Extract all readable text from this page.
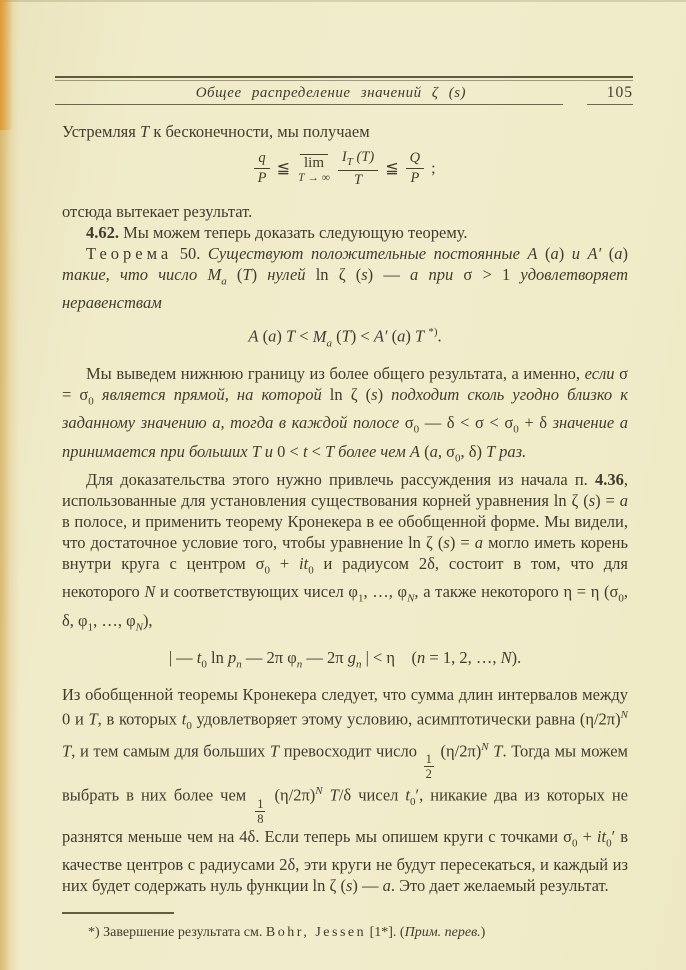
Общее распределение значений ζ (s)	105

Устремляя T к бесконечности, мы получаем

$\frac{q}{P}$ ≦ lim
T → ∞ $\frac{I_T (T)}{T}$ ≦ $\frac{Q}{P}$ ;

отсюда вытекает результат.

4.62. Мы можем теперь доказать следующую теорему.

Теорема 50. Существуют положительные постоянные A (a) и A′ (a) такие, что число $M_a$ (T) нулей ln ζ (s) — a при σ > 1 удовлетворяет неравенствам

A (a) $T < M_a$ (T) < A′ (a) T *).

Мы выведем нижнюю границу из более общего результата, а именно, если $\sigma = \sigma_0$ является прямой, на которой ln ζ (s) подходит сколь угодно близко к заданному значению a, тогда в каждой полосе $\sigma_0$ — $\delta < \sigma < \sigma_0 + \delta$ значение a принимается при больших T и 0 < t < T более чем A (a, $\sigma_0$, δ) T раз.

Для доказательства этого нужно привлечь рассуждения из начала п. 4.36, использованные для установления существования корней уравнения ln ζ (s) = a в полосе, и применить теорему Кронекера в ее обобщенной форме. Мы видели, что достаточное условие того, чтобы уравнение ln ζ (s) = a могло иметь корень внутри круга с центром $\sigma_0 + it_0$ и радиусом 2δ, состоит в том, что для некоторого N и соответствующих чисел $\varphi_1$, …, $\varphi_N$, а также некоторого η = η ($\sigma_0$, δ, $\varphi_1$, …, $\varphi_N$),

| — $t_0$ $\ln p_n$ — 2π $\varphi_n$ — 2π $g_n$ | < η    (n = 1, 2, …, N).

Из обобщенной теоремы Кронекера следует, что сумма длин интервалов между 0 и T, в которых $t_0$ удовлетворяет этому условию, асимптотически равна $(\eta/2\pi)^N$ T, и тем самым для больших T превосходит число
$\frac{1}{2}$
$(\eta/2\pi)^N$ T. Тогда мы можем выбрать в них более чем
$\frac{1}{8}$
$(\eta/2\pi)^N$ T/δ чисел $t_0'$, никакие два из которых не разнятся меньше чем на 4δ. Если теперь мы опишем круги с точками $\sigma_0 + it_0'$ в качестве центров с радиусами 2δ, эти круги не будут пересекаться, и каждый из них будет содержать нуль функции ln ζ (s) — a. Это дает желаемый результат.

*) Завершение результата см. Bohr, Jessen [1*]. (Прим. перев.)
